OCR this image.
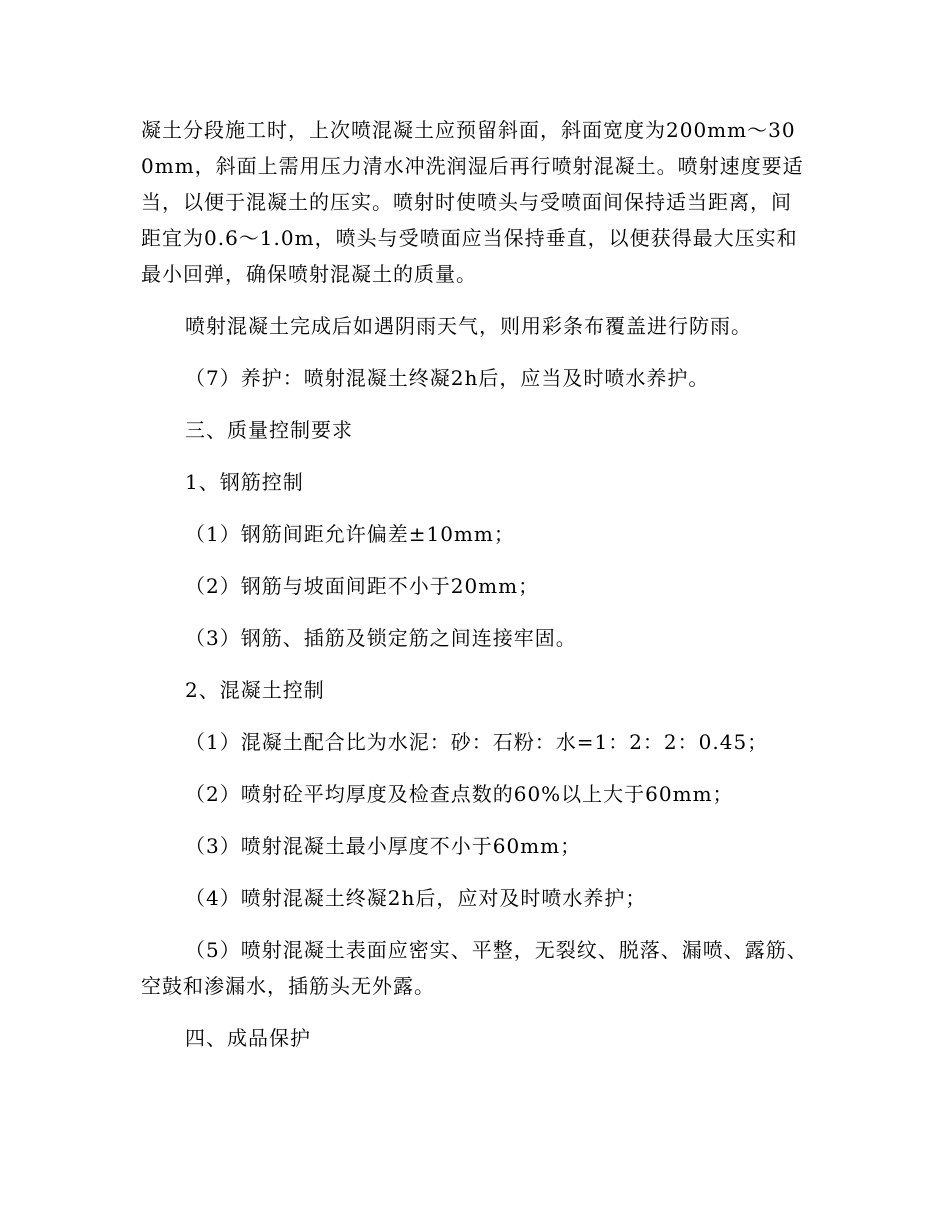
凝土分段施工时，上次喷混凝土应预留斜面，斜面宽度为200mm～300mm，斜面上需用压力清水冲洗润湿后再行喷射混凝土。喷射速度要适当，以便于混凝土的压实。喷射时使喷头与受喷面间保持适当距离，间距宜为0.6～1.0m，喷头与受喷面应当保持垂直，以便获得最大压实和最小回弹，确保喷射混凝土的质量。

喷射混凝土完成后如遇阴雨天气，则用彩条布覆盖进行防雨。

（7）养护：喷射混凝土终凝2h后，应当及时喷水养护。

三、质量控制要求

1、钢筋控制

（1）钢筋间距允许偏差±10mm；

（2）钢筋与坡面间距不小于20mm；

（3）钢筋、插筋及锁定筋之间连接牢固。

2、混凝土控制

（1）混凝土配合比为水泥：砂：石粉：水=1：2：2：0.45；

（2）喷射砼平均厚度及检查点数的60%以上大于60mm；

（3）喷射混凝土最小厚度不小于60mm；

（4）喷射混凝土终凝2h后，应对及时喷水养护；

（5）喷射混凝土表面应密实、平整，无裂纹、脱落、漏喷、露筋、空鼓和渗漏水，插筋头无外露。

四、成品保护
